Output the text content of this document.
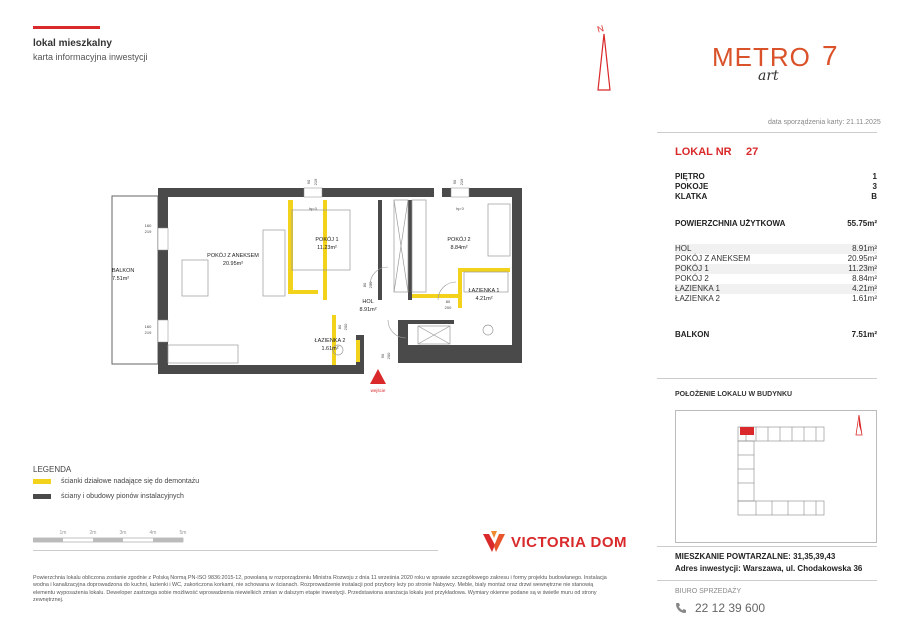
lokal mieszkalny
karta informacyjna inwestycji
N
METRO
art
7
data sporządzenia karty: 21.11.2025
LOKAL NR 27
PIĘTRO	1
POKOJE	3
KLATKA	B
POWIERZCHNIA UŻYTKOWA	55.75m²
HOL	8.91m²
POKÓJ Z ANEKSEM	20.95m²
POKÓJ 1	11.23m²
POKÓJ 2	8.84m²
ŁAZIENKA 1	4.21m²
ŁAZIENKA 2	1.61m²
BALKON	7.51m²
POŁOŻENIE LOKALU W BUDYNKU
MIESZKANIE POWTARZALNE: 31,35,39,43
Adres inwestycji: Warszawa, ul. Chodakowska 36
BIURO SPRZEDAŻY
22 12 39 600
POKÓJ Z ANEKSEM
20.95m²
POKÓJ 1
11.23m²
POKÓJ 2
8.84m²
HOL
8.91m²
ŁAZIENKA 1
4.21m²
ŁAZIENKA 2
1.61m²
BALKON
7.51m²
160
219
160
219
90 219	90 219
hp 0	hp 0
80 200
80 200
80
200
90 200
wejście
LEGENDA
ścianki działowe nadające się do demontażu
ściany i obudowy pionów instalacyjnych
1m	2m	3m	4m	5m
VICTORIA DOM
Powierzchnia lokalu obliczona zostanie zgodnie z Polską Normą PN-ISO 9836:2015-12, powołaną w rozporządzeniu Ministra Rozwoju z dnia 11 września 2020 roku w sprawie szczegółowego zakresu i formy projektu budowlanego. Instalacja wodna i kanalizacyjna doprowadzona do kuchni, łazienki i WC, zakończona korkami, nie schowana w ścianach. Rozprowadzenie instalacji pod przybory leży po stronie Nabywcy. Meble, bialy montaż oraz drzwi wewnętrzne nie stanowią elementu wyposażenia lokalu. Deweloper zastrzega sobie możliwość wprowadzenia niewielkich zmian w dalszym etapie inwestycji. Przedstawiona aranżacja lokalu jest przykładowa. Wymiary okienne podane są w świetle muru od strony zewnętrznej.
